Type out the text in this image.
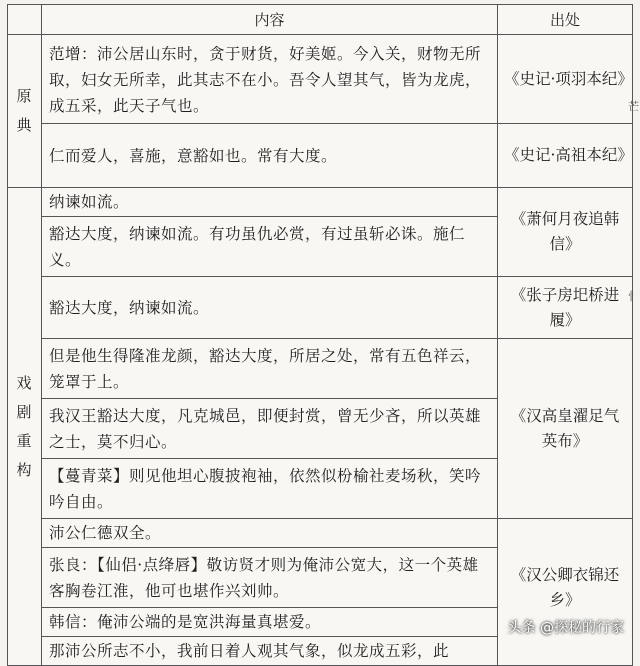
	内容	出处

原
典	范增：沛公居山东时，贪于财货，好美姬。今入关，财物无所取，妇女无所幸，此其志不在小。吾令人望其气，皆为龙虎，成五采，此天子气也。	《史记·项羽本纪》
	仁而爱人，喜施，意豁如也。常有大度。	《史记·高祖本纪》

戏
剧
重
构	纳谏如流。	《萧何月夜追韩信》
	豁达大度，纳谏如流。有功虽仇必赏，有过虽斩必诛。施仁义。	
	豁达大度，纳谏如流。	《张子房圯桥进履》
	但是他生得隆准龙颜，豁达大度，所居之处，常有五色祥云，笼罩于上。	《汉高皇濯足气英布》
	我汉王豁达大度，凡克城邑，即便封赏，曾无少吝，所以英雄之士，莫不归心。	
	【蔓青菜】则见他坦心腹披袍袖，依然似枌榆社麦场秋，笑吟吟自由。	
	沛公仁德双全。	《汉公卿衣锦还乡》
	张良：【仙侣·点绛唇】敬访贤才则为俺沛公宽大，这一个英雄客胸卷江淮，他可也堪作兴刘帅。	
	韩信：俺沛公端的是宽洪海量真堪爱。	
	那沛公所志不小，我前日着人观其气象，似龙成五彩，此	
头条 @探秘的行家
芒
忄
